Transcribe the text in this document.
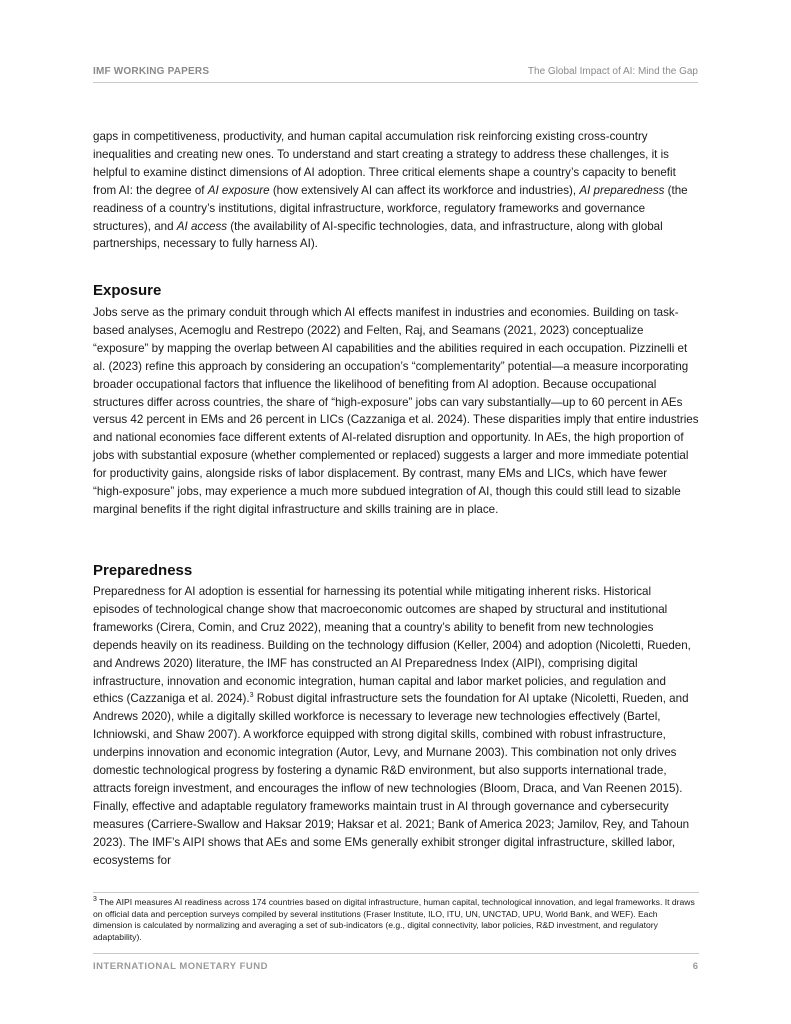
IMF WORKING PAPERS	The Global Impact of AI: Mind the Gap

gaps in competitiveness, productivity, and human capital accumulation risk reinforcing existing cross-country inequalities and creating new ones. To understand and start creating a strategy to address these challenges, it is helpful to examine distinct dimensions of AI adoption. Three critical elements shape a country’s capacity to benefit from AI: the degree of AI exposure (how extensively AI can affect its workforce and industries), AI preparedness (the readiness of a country’s institutions, digital infrastructure, workforce, regulatory frameworks and governance structures), and AI access (the availability of AI-specific technologies, data, and infrastructure, along with global partnerships, necessary to fully harness AI).

Exposure

Jobs serve as the primary conduit through which AI effects manifest in industries and economies. Building on task-based analyses, Acemoglu and Restrepo (2022) and Felten, Raj, and Seamans (2021, 2023) conceptualize “exposure” by mapping the overlap between AI capabilities and the abilities required in each occupation. Pizzinelli et al. (2023) refine this approach by considering an occupation’s “complementarity” potential—a measure incorporating broader occupational factors that influence the likelihood of benefiting from AI adoption. Because occupational structures differ across countries, the share of “high-exposure” jobs can vary substantially—up to 60 percent in AEs versus 42 percent in EMs and 26 percent in LICs (Cazzaniga et al. 2024). These disparities imply that entire industries and national economies face different extents of AI-related disruption and opportunity. In AEs, the high proportion of jobs with substantial exposure (whether complemented or replaced) suggests a larger and more immediate potential for productivity gains, alongside risks of labor displacement. By contrast, many EMs and LICs, which have fewer “high-exposure” jobs, may experience a much more subdued integration of AI, though this could still lead to sizable marginal benefits if the right digital infrastructure and skills training are in place.

Preparedness

Preparedness for AI adoption is essential for harnessing its potential while mitigating inherent risks. Historical episodes of technological change show that macroeconomic outcomes are shaped by structural and institutional frameworks (Cirera, Comin, and Cruz 2022), meaning that a country’s ability to benefit from new technologies depends heavily on its readiness. Building on the technology diffusion (Keller, 2004) and adoption (Nicoletti, Rueden, and Andrews 2020) literature, the IMF has constructed an AI Preparedness Index (AIPI), comprising digital infrastructure, innovation and economic integration, human capital and labor market policies, and regulation and ethics (Cazzaniga et al. 2024).$^3$ Robust digital infrastructure sets the foundation for AI uptake (Nicoletti, Rueden, and Andrews 2020), while a digitally skilled workforce is necessary to leverage new technologies effectively (Bartel, Ichniowski, and Shaw 2007). A workforce equipped with strong digital skills, combined with robust infrastructure, underpins innovation and economic integration (Autor, Levy, and Murnane 2003). This combination not only drives domestic technological progress by fostering a dynamic R&D environment, but also supports international trade, attracts foreign investment, and encourages the inflow of new technologies (Bloom, Draca, and Van Reenen 2015). Finally, effective and adaptable regulatory frameworks maintain trust in AI through governance and cybersecurity measures (Carriere-Swallow and Haksar 2019; Haksar et al. 2021; Bank of America 2023; Jamilov, Rey, and Tahoun 2023). The IMF’s AIPI shows that AEs and some EMs generally exhibit stronger digital infrastructure, skilled labor, ecosystems for

$^3$ The AIPI measures AI readiness across 174 countries based on digital infrastructure, human capital, technological innovation, and legal frameworks. It draws on official data and perception surveys compiled by several institutions (Fraser Institute, ILO, ITU, UN, UNCTAD, UPU, World Bank, and WEF). Each dimension is calculated by normalizing and averaging a set of sub-indicators (e.g., digital connectivity, labor policies, R&D investment, and regulatory adaptability).

INTERNATIONAL MONETARY FUND	6
